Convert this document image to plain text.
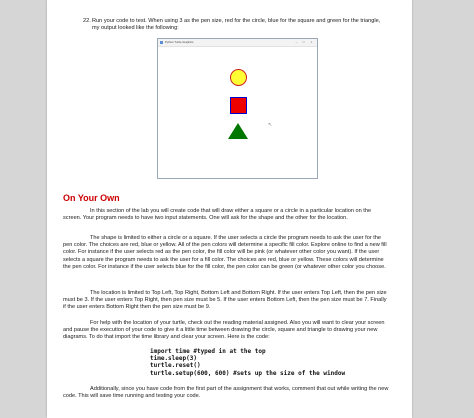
22. Run your code to test. When using 3 as the pen size, red for the circle, blue for the square and green for the triangle, my output looked like the following:

Python Turtle Graphics	–	□	×
↖
On Your Own

In this section of the lab you will create code that will draw either a square or a circle in a particular location on the screen. Your program needs to have two input statements. One will ask for the shape and the other for the location.

The shape is limited to either a circle or a square. If the user selects a circle the program needs to ask the user for the pen color. The choices are red, blue or yellow. All of the pen colors will determine a specific fill color. Explore online to find a new fill color. For instance if the user selects red as the pen color, the fill color will be pink (or whatever other color you want). If the user selects a square the program needs to ask the user for a fill color. The choices are red, blue or yellow. These colors will determine the pen color. For instance if the user selects blue for the fill color, the pen color can be green (or whatever other color you choose.

The location is limited to Top Left, Top Right, Bottom Left and Bottom Right. If the user enters Top Left, then the pen size must be 3. If the user enters Top Right, then pen size must be 5. If the user enters Bottom Left, then the pen size must be 7. Finally if the user enters Bottom Right then the pen size must be 9.

For help with the location of your turtle, check out the reading material assigned. Also you will want to clear your screen and pause the execution of your code to give it a little time between drawing the circle, square and triangle to drawing your new diagrams. To do that import the time library and clear your screen. Here is the code:

import time #typed in at the top
time.sleep(3)
turtle.reset()
turtle.setup(600, 600) #sets up the size of the window

Additionally, since you have code from the first part of the assignment that works, comment that out while writing the new code. This will save time running and testing your code.
